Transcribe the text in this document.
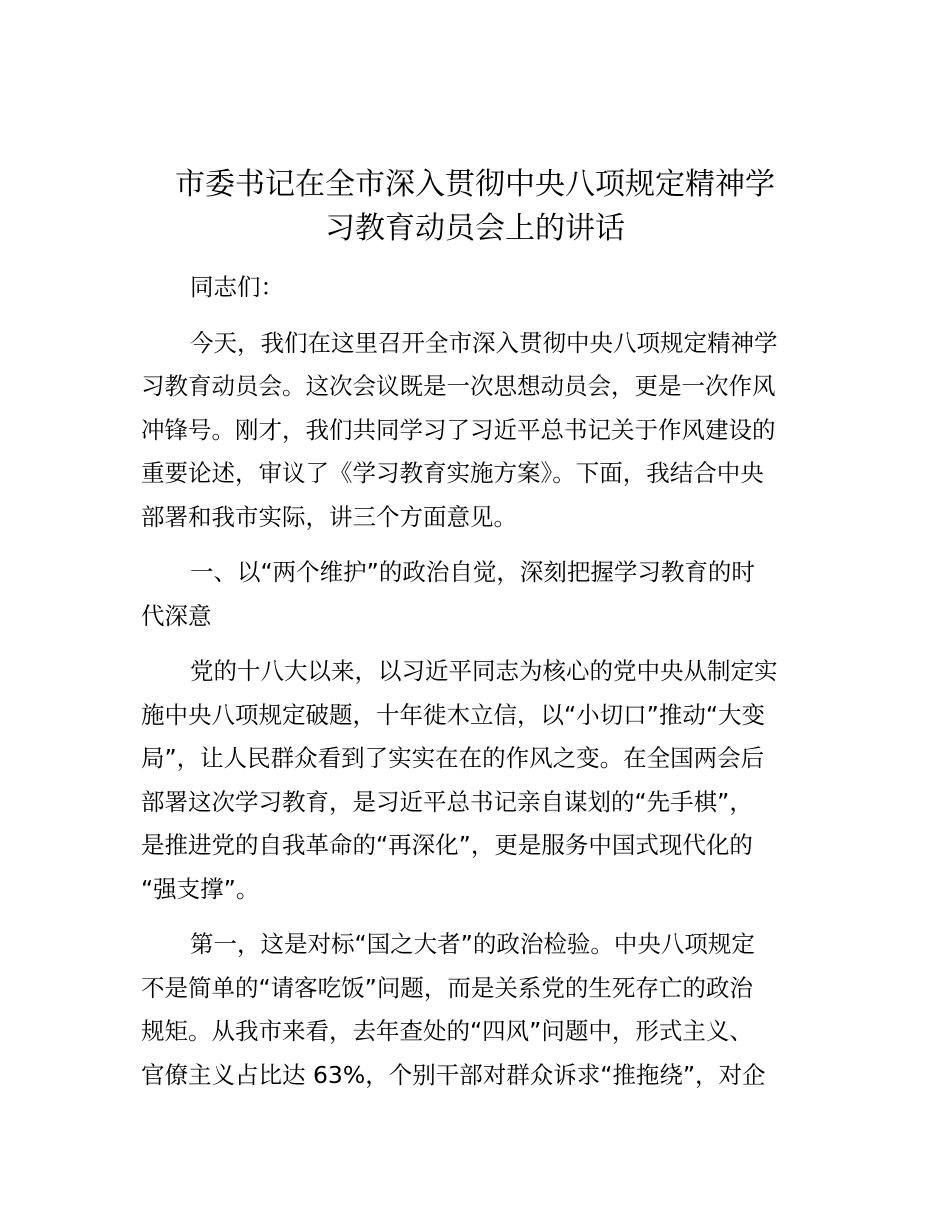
市委书记在全市深入贯彻中央八项规定精神学
习教育动员会上的讲话

同志们：

今天，我们在这里召开全市深入贯彻中央八项规定精神学
习教育动员会。这次会议既是一次思想动员会，更是一次作风
冲锋号。刚才，我们共同学习了习近平总书记关于作风建设的
重要论述，审议了《学习教育实施方案》。下面，我结合中央
部署和我市实际，讲三个方面意见。

一、以“两个维护”的政治自觉，深刻把握学习教育的时
代深意

党的十八大以来，以习近平同志为核心的党中央从制定实
施中央八项规定破题，十年徙木立信，以“小切口”推动“大变
局”，让人民群众看到了实实在在的作风之变。在全国两会后
部署这次学习教育，是习近平总书记亲自谋划的“先手棋”，
是推进党的自我革命的“再深化”，更是服务中国式现代化的
“强支撑”。

第一，这是对标“国之大者”的政治检验。中央八项规定
不是简单的“请客吃饭”问题，而是关系党的生死存亡的政治
规矩。从我市来看，去年查处的“四风”问题中，形式主义、
官僚主义占比达 63%，个别干部对群众诉求“推拖绕”，对企
